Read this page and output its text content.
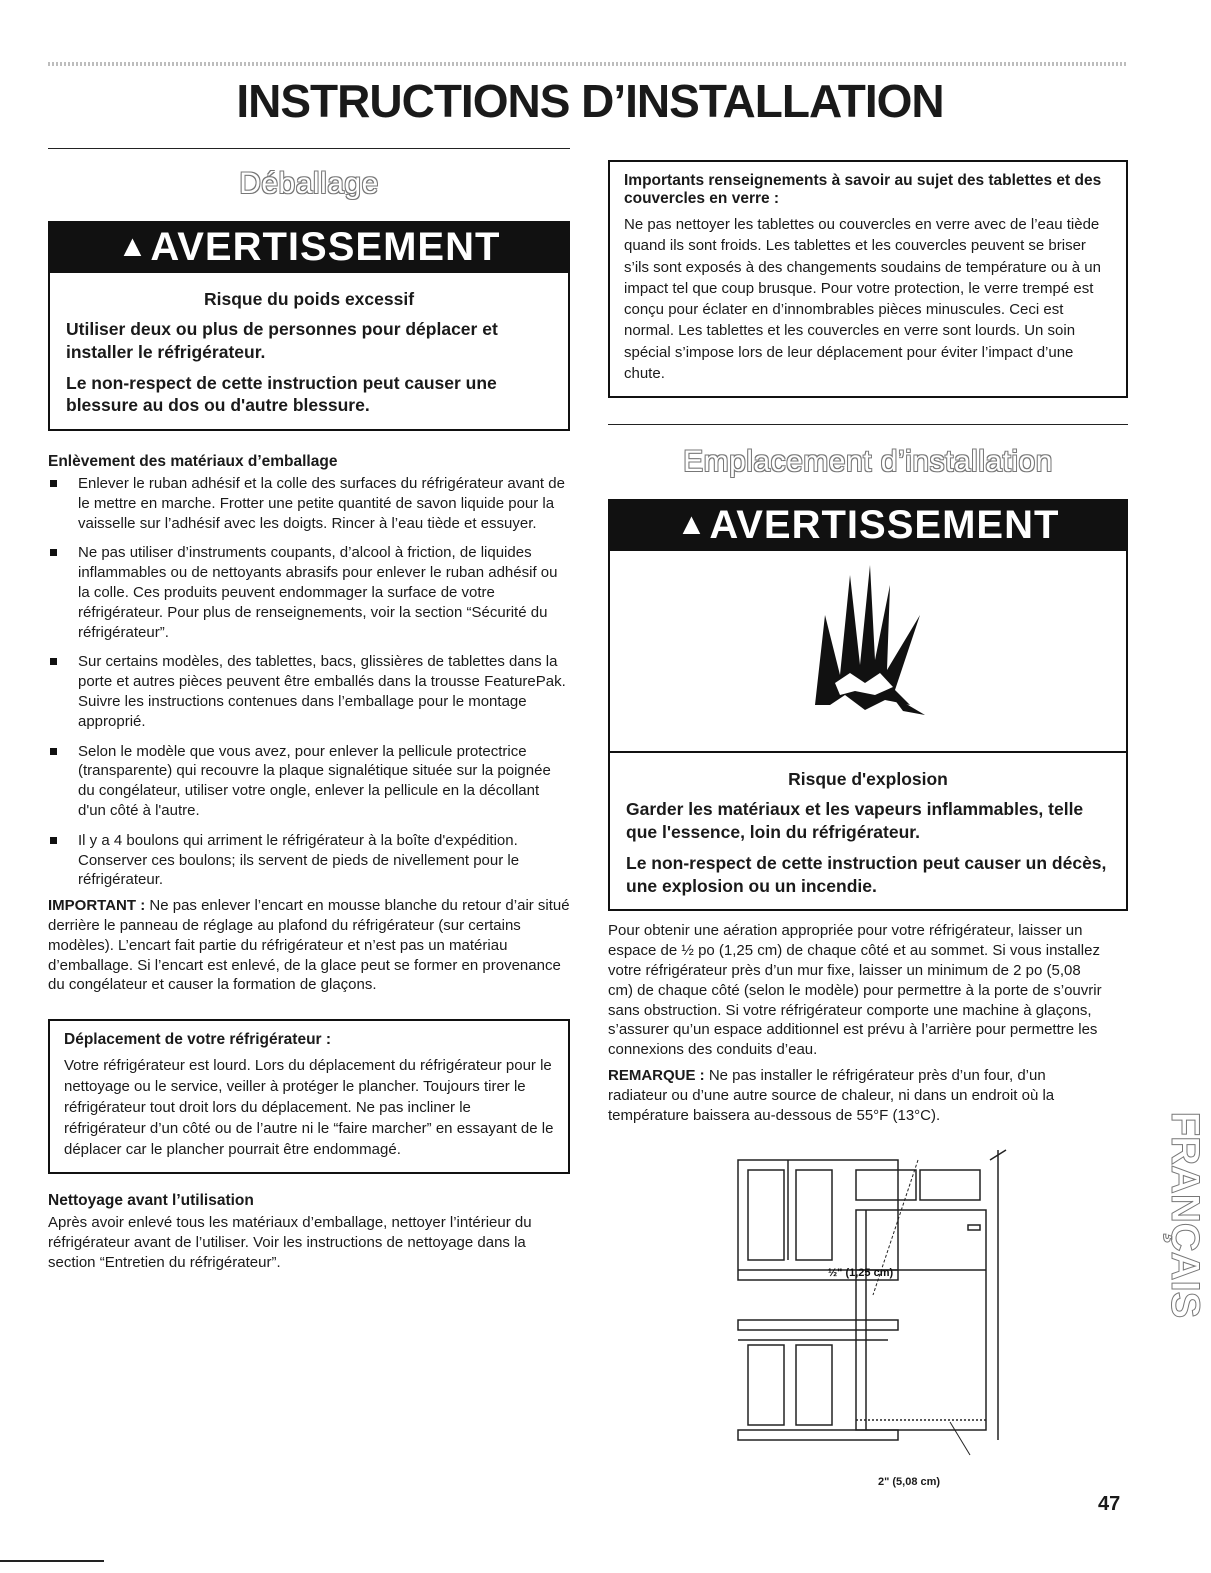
INSTRUCTIONS D’INSTALLATION
Déballage
▲AVERTISSEMENT
Risque du poids excessif

Utiliser deux ou plus de personnes pour déplacer et installer le réfrigérateur.

Le non-respect de cette instruction peut causer une blessure au dos ou d'autre blessure.

Enlèvement des matériaux d’emballage
Enlever le ruban adhésif et la colle des surfaces du réfrigérateur avant de le mettre en marche. Frotter une petite quantité de savon liquide pour la vaisselle sur l’adhésif avec les doigts. Rincer à l’eau tiède et essuyer.
Ne pas utiliser d’instruments coupants, d’alcool à friction, de liquides inflammables ou de nettoyants abrasifs pour enlever le ruban adhésif ou la colle. Ces produits peuvent endommager la surface de votre réfrigérateur. Pour plus de renseignements, voir la section “Sécurité du réfrigérateur”.
Sur certains modèles, des tablettes, bacs, glissières de tablettes dans la porte et autres pièces peuvent être emballés dans la trousse FeaturePak. Suivre les instructions contenues dans l’emballage pour le montage approprié.
Selon le modèle que vous avez, pour enlever la pellicule protectrice (transparente) qui recouvre la plaque signalétique située sur la poignée du congélateur, utiliser votre ongle, enlever la pellicule en la décollant d'un côté à l'autre.
Il y a 4 boulons qui arriment le réfrigérateur à la boîte d'expédition. Conserver ces boulons; ils servent de pieds de nivellement pour le réfrigérateur.

IMPORTANT : Ne pas enlever l’encart en mousse blanche du retour d’air situé derrière le panneau de réglage au plafond du réfrigérateur (sur certains modèles). L’encart fait partie du réfrigérateur et n’est pas un matériau d’emballage. Si l’encart est enlevé, de la glace peut se former en provenance du congélateur et causer la formation de glaçons.

Déplacement de votre réfrigérateur :

Votre réfrigérateur est lourd. Lors du déplacement du réfrigérateur pour le nettoyage ou le service, veiller à protéger le plancher. Toujours tirer le réfrigérateur tout droit lors du déplacement. Ne pas incliner le réfrigérateur d’un côté ou de l’autre ni le “faire marcher” en essayant de le déplacer car le plancher pourrait être endommagé.

Nettoyage avant l’utilisation

Après avoir enlevé tous les matériaux d’emballage, nettoyer l’intérieur du réfrigérateur avant de l’utiliser. Voir les instructions de nettoyage dans la section “Entretien du réfrigérateur”.

Importants renseignements à savoir au sujet des tablettes et des couvercles en verre :

Ne pas nettoyer les tablettes ou couvercles en verre avec de l’eau tiède quand ils sont froids. Les tablettes et les couvercles peuvent se briser s’ils sont exposés à des changements soudains de température ou à un impact tel que coup brusque. Pour votre protection, le verre trempé est conçu pour éclater en d’innombrables pièces minuscules. Ceci est normal. Les tablettes et les couvercles en verre sont lourds. Un soin spécial s’impose lors de leur déplacement pour éviter l’impact d’une chute.

Emplacement d’installation
▲AVERTISSEMENT
Risque d'explosion

Garder les matériaux et les vapeurs inflammables, telle que l'essence, loin du réfrigérateur.

Le non-respect de cette instruction peut causer un décès, une explosion ou un incendie.

Pour obtenir une aération appropriée pour votre réfrigérateur, laisser un espace de ½ po (1,25 cm) de chaque côté et au sommet. Si vous installez votre réfrigérateur près d’un mur fixe, laisser un minimum de 2 po (5,08 cm) de chaque côté (selon le modèle) pour permettre à la porte de s’ouvrir sans obstruction. Si votre réfrigérateur comporte une machine à glaçons, s’assurer qu’un espace additionnel est prévu à l’arrière pour permettre les connexions des conduits d’eau.

REMARQUE : Ne pas installer le réfrigérateur près d’un four, d’un radiateur ou d’une autre source de chaleur, ni dans un endroit où la température baissera au-dessous de 55°F (13°C).

½" (1,25 cm)
2" (5,08 cm)
FRANÇAIS
47
